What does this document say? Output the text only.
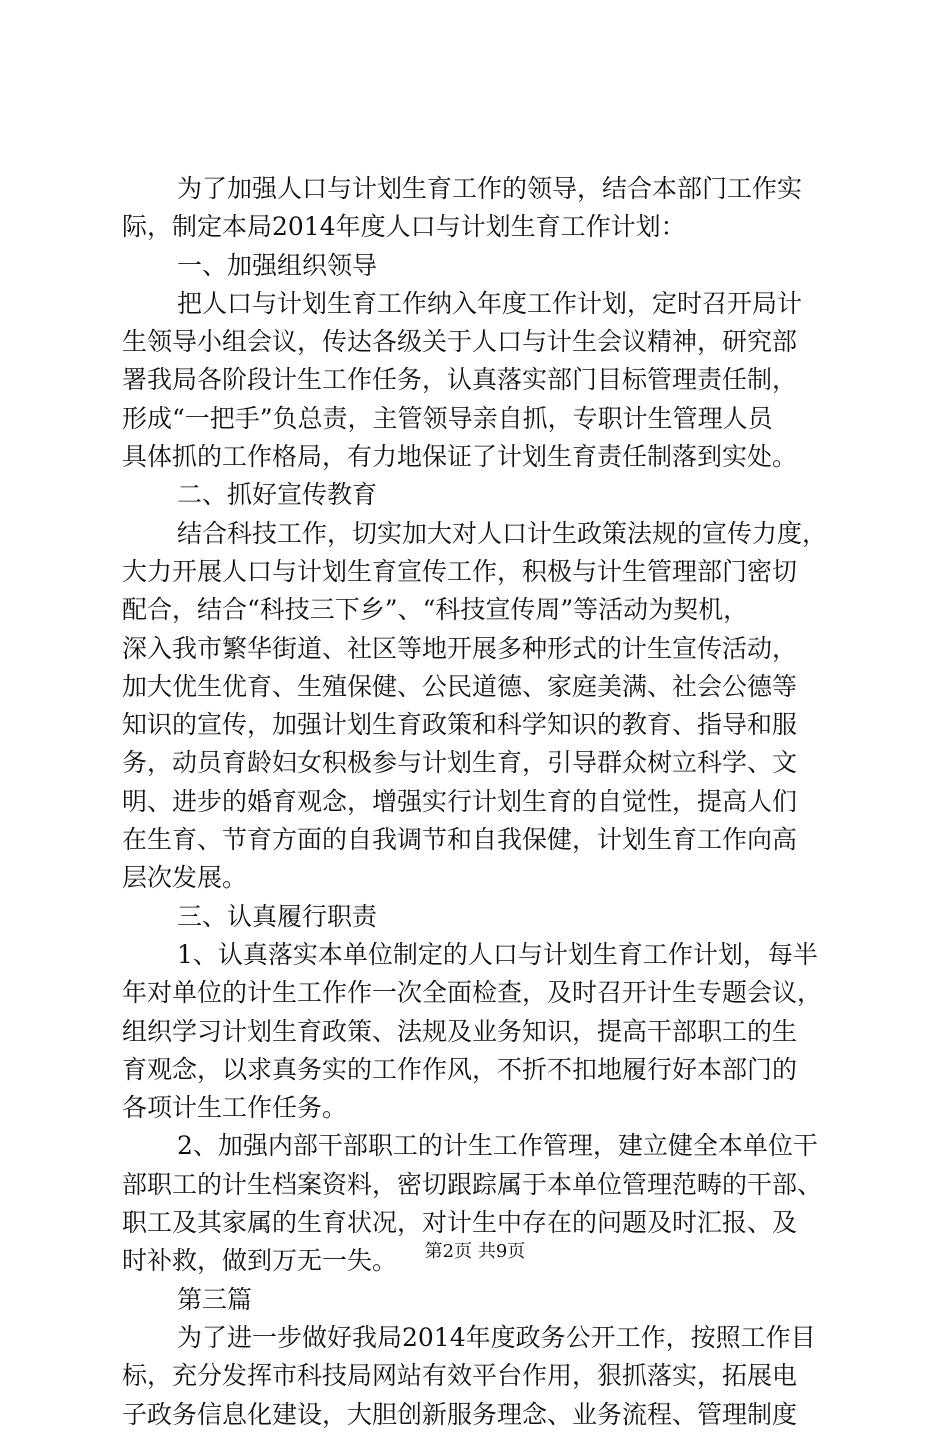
为了加强人口与计划生育工作的领导，结合本部门工作实
际，制定本局2014年度人口与计划生育工作计划：
一、加强组织领导
把人口与计划生育工作纳入年度工作计划，定时召开局计
生领导小组会议，传达各级关于人口与计生会议精神，研究部
署我局各阶段计生工作任务，认真落实部门目标管理责任制，
形成“一把手”负总责，主管领导亲自抓，专职计生管理人员
具体抓的工作格局，有力地保证了计划生育责任制落到实处。
二、抓好宣传教育
结合科技工作，切实加大对人口计生政策法规的宣传力度，
大力开展人口与计划生育宣传工作，积极与计生管理部门密切
配合，结合“科技三下乡”、“科技宣传周”等活动为契机，
深入我市繁华街道、社区等地开展多种形式的计生宣传活动，
加大优生优育、生殖保健、公民道德、家庭美满、社会公德等
知识的宣传，加强计划生育政策和科学知识的教育、指导和服
务，动员育龄妇女积极参与计划生育，引导群众树立科学、文
明、进步的婚育观念，增强实行计划生育的自觉性，提高人们
在生育、节育方面的自我调节和自我保健，计划生育工作向高
层次发展。
三、认真履行职责
1、认真落实本单位制定的人口与计划生育工作计划，每半
年对单位的计生工作作一次全面检查，及时召开计生专题会议，
组织学习计划生育政策、法规及业务知识，提高干部职工的生
育观念，以求真务实的工作作风，不折不扣地履行好本部门的
各项计生工作任务。
2、加强内部干部职工的计生工作管理，建立健全本单位干
部职工的计生档案资料，密切跟踪属于本单位管理范畴的干部、
职工及其家属的生育状况，对计生中存在的问题及时汇报、及
时补救，做到万无一失。
第三篇
为了进一步做好我局2014年度政务公开工作，按照工作目
标，充分发挥市科技局网站有效平台作用，狠抓落实，拓展电
子政务信息化建设，大胆创新服务理念、业务流程、管理制度
第2页 共9页
